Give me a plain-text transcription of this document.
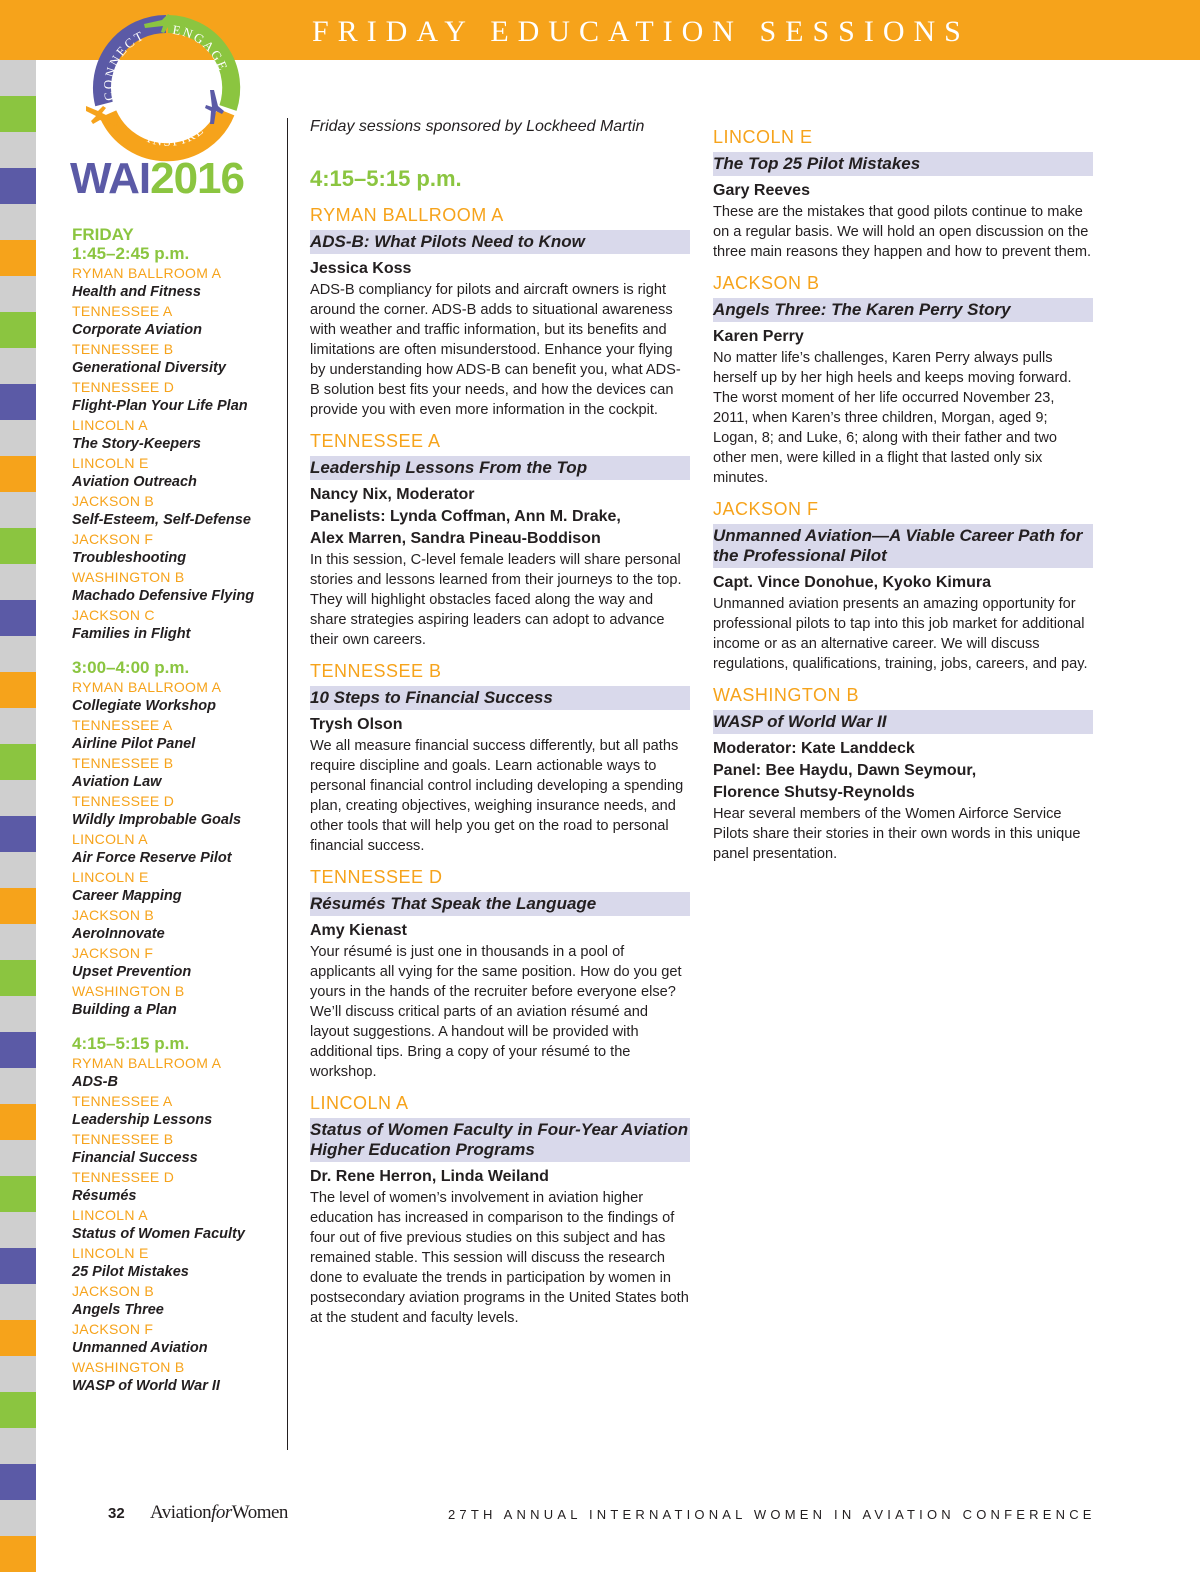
FRIDAY EDUCATION SESSIONS
CONNECT ENGAGE
INSPIRE
WAI2016
FRIDAY
1:45–2:45 p.m.
RYMAN BALLROOM A
Health and Fitness
TENNESSEE A
Corporate Aviation
TENNESSEE B
Generational Diversity
TENNESSEE D
Flight-Plan Your Life Plan
LINCOLN A
The Story-Keepers
LINCOLN E
Aviation Outreach
JACKSON B
Self-Esteem, Self-Defense
JACKSON F
Troubleshooting
WASHINGTON B
Machado Defensive Flying
JACKSON C
Families in Flight
3:00–4:00 p.m.
RYMAN BALLROOM A
Collegiate Workshop
TENNESSEE A
Airline Pilot Panel
TENNESSEE B
Aviation Law
TENNESSEE D
Wildly Improbable Goals
LINCOLN A
Air Force Reserve Pilot
LINCOLN E
Career Mapping
JACKSON B
AeroInnovate
JACKSON F
Upset Prevention
WASHINGTON B
Building a Plan
4:15–5:15 p.m.
RYMAN BALLROOM A
ADS-B
TENNESSEE A
Leadership Lessons
TENNESSEE B
Financial Success
TENNESSEE D
Résumés
LINCOLN A
Status of Women Faculty
LINCOLN E
25 Pilot Mistakes
JACKSON B
Angels Three
JACKSON F
Unmanned Aviation
WASHINGTON B
WASP of World War II

Friday sessions sponsored by Lockheed Martin

4:15–5:15 p.m.
RYMAN BALLROOM A
ADS-B: What Pilots Need to Know
Jessica Koss

ADS-B compliancy for pilots and aircraft owners is right around the corner. ADS-B adds to situational awareness with weather and traffic information, but its benefits and limitations are often misunderstood. Enhance your flying by understanding how ADS-B can benefit you, what ADS-B solution best fits your needs, and how the devices can provide you with even more information in the cockpit.

TENNESSEE A
Leadership Lessons From the Top
Nancy Nix, Moderator
Panelists: Lynda Coffman, Ann M. Drake,
Alex Marren, Sandra Pineau-Boddison

In this session, C-level female leaders will share personal stories and lessons learned from their journeys to the top. They will highlight obstacles faced along the way and share strategies aspiring leaders can adopt to advance their own careers.

TENNESSEE B
10 Steps to Financial Success
Trysh Olson

We all measure financial success differently, but all paths require discipline and goals. Learn actionable ways to personal financial control including developing a spending plan, creating objectives, weighing insurance needs, and other tools that will help you get on the road to personal financial success.

TENNESSEE D
Résumés That Speak the Language
Amy Kienast

Your résumé is just one in thousands in a pool of applicants all vying for the same position. How do you get yours in the hands of the recruiter before everyone else? We’ll discuss critical parts of an aviation résumé and layout suggestions. A handout will be provided with additional tips. Bring a copy of your résumé to the workshop.

LINCOLN A
Status of Women Faculty in Four-Year Aviation Higher Education Programs
Dr. Rene Herron, Linda Weiland

The level of women’s involvement in aviation higher education has increased in comparison to the findings of four out of five previous studies on this subject and has remained stable. This session will discuss the research done to evaluate the trends in participation by women in postsecondary aviation programs in the United States both at the student and faculty levels.

LINCOLN E
The Top 25 Pilot Mistakes
Gary Reeves

These are the mistakes that good pilots continue to make on a regular basis. We will hold an open discussion on the three main reasons they happen and how to prevent them.

JACKSON B
Angels Three: The Karen Perry Story
Karen Perry

No matter life’s challenges, Karen Perry always pulls herself up by her high heels and keeps moving forward. The worst moment of her life occurred November 23, 2011, when Karen’s three children, Morgan, aged 9; Logan, 8; and Luke, 6; along with their father and two other men, were killed in a flight that lasted only six minutes.

JACKSON F
Unmanned Aviation—A Viable Career Path for the Professional Pilot
Capt. Vince Donohue, Kyoko Kimura

Unmanned aviation presents an amazing opportunity for professional pilots to tap into this job market for additional income or as an alternative career. We will discuss regulations, qualifications, training, jobs, careers, and pay.

WASHINGTON B
WASP of World War II
Moderator: Kate Landdeck
Panel: Bee Haydu, Dawn Seymour,
Florence Shutsy-Reynolds

Hear several members of the Women Airforce Service Pilots share their stories in their own words in this unique panel presentation.

32 AviationforWomen	27TH ANNUAL INTERNATIONAL WOMEN IN AVIATION CONFERENCE
